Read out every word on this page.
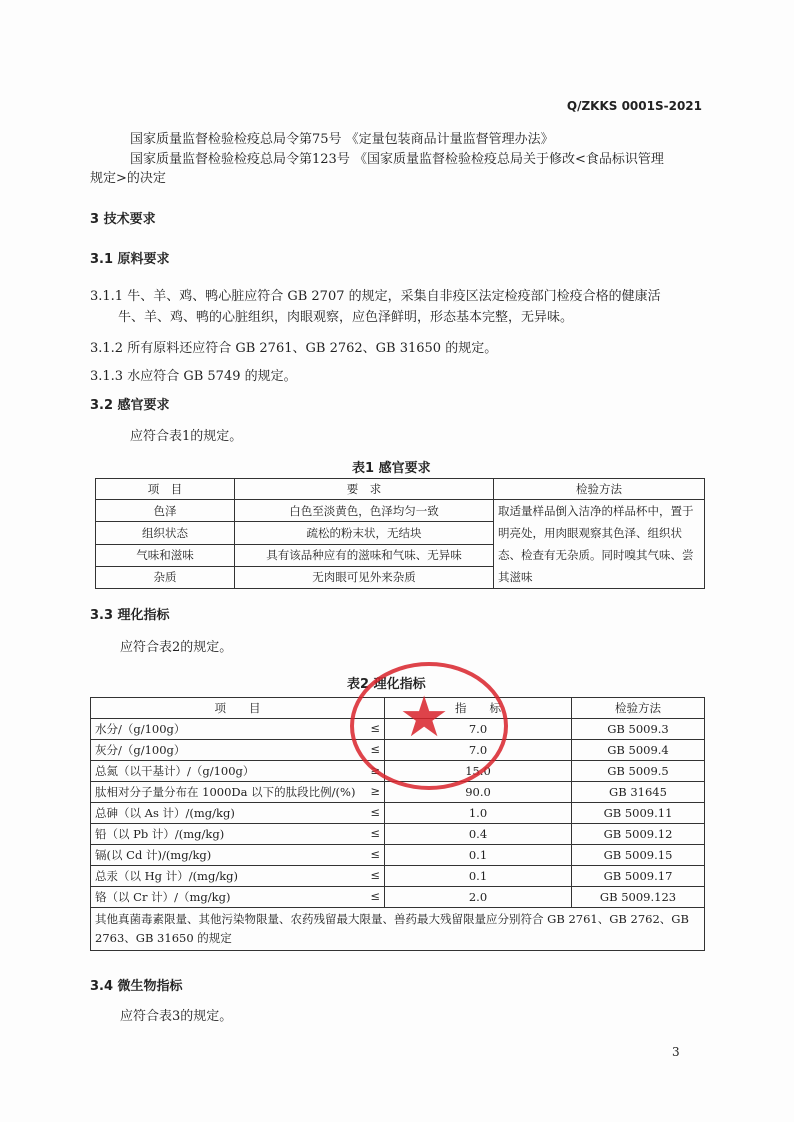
Q/ZKKS 0001S-2021
国家质量监督检验检疫总局令第75号 《定量包装商品计量监督管理办法》
国家质量监督检验检疫总局令第123号 《国家质量监督检验检疫总局关于修改<食品标识管理
规定>的决定
3 技术要求
3.1 原料要求
3.1.1 牛、羊、鸡、鸭心脏应符合 GB 2707 的规定，采集自非疫区法定检疫部门检疫合格的健康活
牛、羊、鸡、鸭的心脏组织，肉眼观察，应色泽鲜明，形态基本完整，无异味。
3.1.2 所有原料还应符合 GB 2761、GB 2762、GB 31650 的规定。
3.1.3 水应符合 GB 5749 的规定。
3.2 感官要求
应符合表1的规定。
表1 感官要求
项　目	要　求	检验方法
色泽	白色至淡黄色，色泽均匀一致	取适量样品倒入洁净的样品杯中，置于明亮处，用肉眼观察其色泽、组织状态、检查有无杂质。同时嗅其气味、尝其滋味
组织状态	疏松的粉末状，无结块	
气味和滋味	具有该品种应有的滋味和气味、无异味	
杂质	无肉眼可见外来杂质	
3.3 理化指标
应符合表2的规定。
表2 理化指标
项　　目	指　　标	检验方法
水分/（g/100g） ≤	7.0	GB 5009.3
灰分/（g/100g） ≤	7.0	GB 5009.4
总氮（以干基计）/（g/100g） ≥	15.0	GB 5009.5
肽相对分子量分布在 1000Da 以下的肽段比例/(%) ≥	90.0	GB 31645
总砷（以 As 计）/(mg/kg) ≤	1.0	GB 5009.11
铅（以 Pb 计）/(mg/kg) ≤	0.4	GB 5009.12
镉(以 Cd 计)/(mg/kg) ≤	0.1	GB 5009.15
总汞（以 Hg 计）/(mg/kg) ≤	0.1	GB 5009.17
铬（以 Cr 计）/（mg/kg) ≤	2.0	GB 5009.123
其他真菌毒素限量、其他污染物限量、农药残留最大限量、兽药最大残留限量应分别符合 GB 2761、GB 2762、GB 2763、GB 31650 的规定		
★
3.4 微生物指标
应符合表3的规定。
3
